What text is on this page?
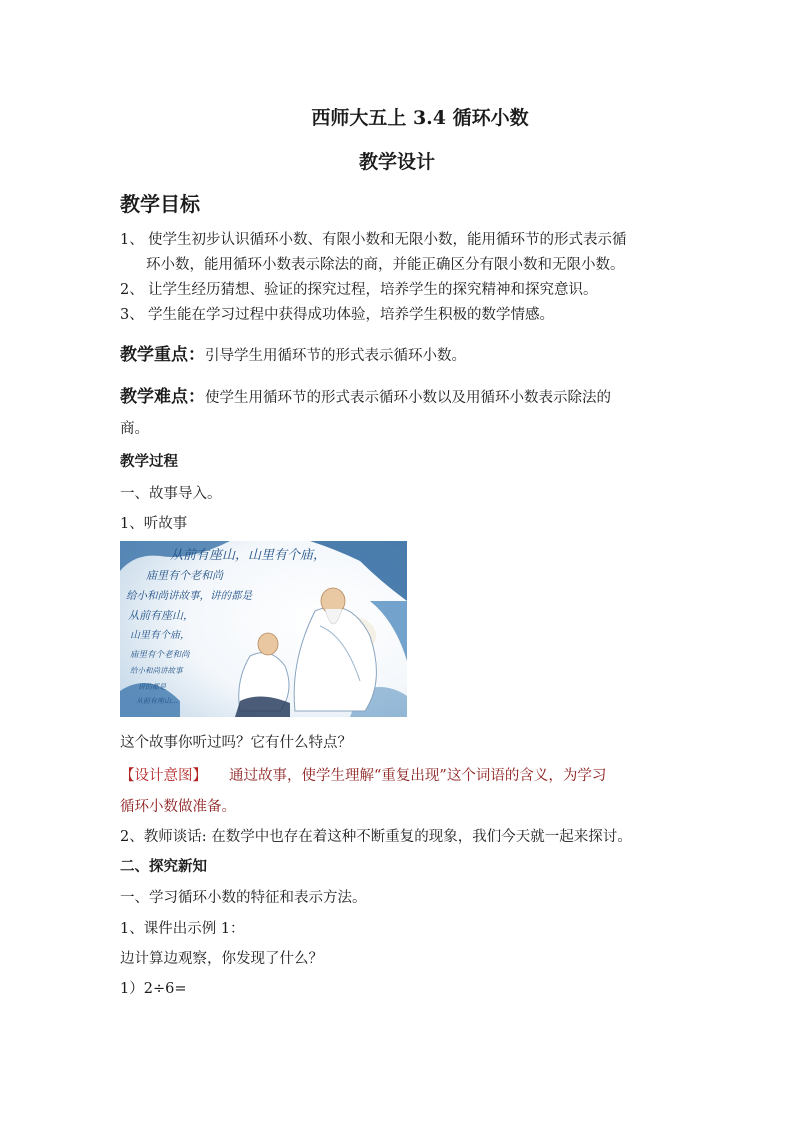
西师大五上 3.4 循环小数
教学设计
教学目标
1、 使学生初步认识循环小数、有限小数和无限小数，能用循环节的形式表示循
环小数，能用循环小数表示除法的商，并能正确区分有限小数和无限小数。
2、 让学生经历猜想、验证的探究过程，培养学生的探究精神和探究意识。
3、 学生能在学习过程中获得成功体验，培养学生积极的数学情感。
教学重点：引导学生用循环节的形式表示循环小数。
教学难点：使学生用循环节的形式表示循环小数以及用循环小数表示除法的
商。
教学过程
一、故事导入。
1、听故事
从前有座山，山里有个庙，
庙里有个老和尚
给小和尚讲故事，讲的都是
从前有座山，
山里有个庙，
庙里有个老和尚
给小和尚讲故事
讲的都是
从前有座山…
这个故事你听过吗？它有什么特点？
【设计意图】 通过故事，使学生理解“重复出现”这个词语的含义，为学习
循环小数做准备。
2、教师谈话: 在数学中也存在着这种不断重复的现象，我们今天就一起来探讨。
二、探究新知
一、学习循环小数的特征和表示方法。
1、课件出示例 1：
边计算边观察，你发现了什么？
1）2÷6=
